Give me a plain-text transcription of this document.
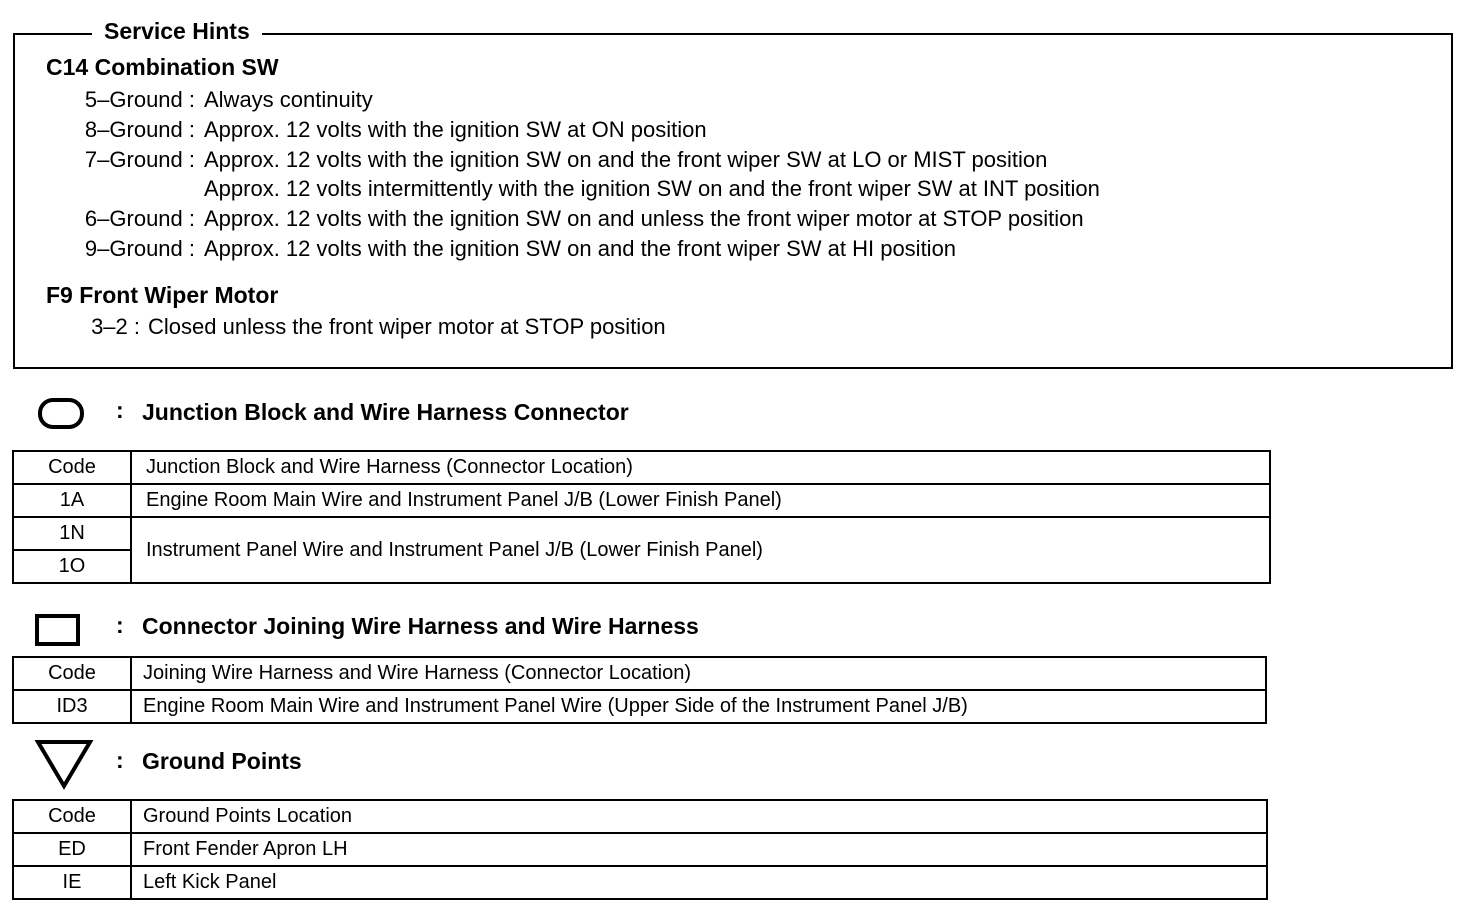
Service Hints
C14 Combination SW
5–Ground : Always continuity
8–Ground : Approx. 12 volts with the ignition SW at ON position
7–Ground : Approx. 12 volts with the ignition SW on and the front wiper SW at LO or MIST position
Approx. 12 volts intermittently with the ignition SW on and the front wiper SW at INT position
6–Ground : Approx. 12 volts with the ignition SW on and unless the front wiper motor at STOP position
9–Ground : Approx. 12 volts with the ignition SW on and the front wiper SW at HI position
F9 Front Wiper Motor
3–2 : Closed unless the front wiper motor at STOP position
: Junction Block and Wire Harness Connector
Code	Junction Block and Wire Harness (Connector Location)
1A	Engine Room Main Wire and Instrument Panel J/B (Lower Finish Panel)
1N	Instrument Panel Wire and Instrument Panel J/B (Lower Finish Panel)
1O	
: Connector Joining Wire Harness and Wire Harness
Code	Joining Wire Harness and Wire Harness (Connector Location)
ID3	Engine Room Main Wire and Instrument Panel Wire (Upper Side of the Instrument Panel J/B)
: Ground Points
Code	Ground Points Location
ED	Front Fender Apron LH
IE	Left Kick Panel
